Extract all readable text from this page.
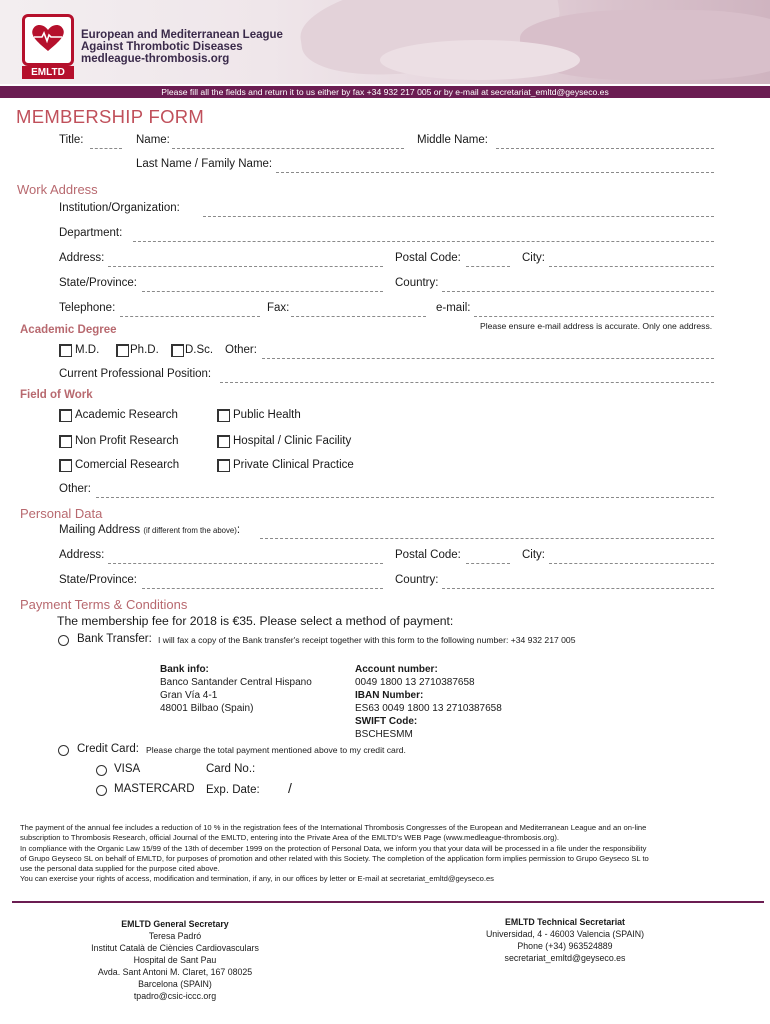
EMLTD
European and Mediterranean League
Against Thrombotic Diseases
medleague-thrombosis.org
Please fill all the fields and return it to us either by fax +34 932 217 005 or by e-mail at secretariat_emltd@geyseco.es
MEMBERSHIP FORM
Title:	Name:	Middle Name:
Last Name / Family Name:
Work Address
Institution/Organization:
Department:
Address:	Postal Code:	City:
State/Province:	Country:
Telephone:	Fax:	e-mail:
Please ensure e-mail address is accurate. Only one address.
Academic Degree
M.D.	Ph.D. D.Sc. Other:
Current Professional Position:
Field of Work
Academic Research
Non Profit Research
Comercial Research
Public Health
Hospital / Clinic Facility
Private Clinical Practice
Other:
Personal Data
Mailing Address (if different from the above):
Address:	Postal Code:	City:
State/Province:	Country:
Payment Terms & Conditions
The membership fee for 2018 is €35. Please select a method of payment:
Bank Transfer: I will fax a copy of the Bank transfer's receipt together with this form to the following number: +34 932 217 005
Bank info:
Banco Santander Central Hispano
Gran Vía 4-1
48001 Bilbao (Spain)
Account number:
0049 1800 13 2710387658
IBAN Number:
ES63 0049 1800 13 2710387658
SWIFT Code:
BSCHESMM
Credit Card: Please charge the total payment mentioned above to my credit card.
VISA
MASTERCARD
Card No.:
Exp. Date: /
The payment of the annual fee includes a reduction of 10 % in the registration fees of the International Thrombosis Congresses of the European and Mediterranean League and an on-line
subscription to Thrombosis Research, official Journal of the EMLTD, entering into the Private Area of the EMLTD's WEB Page (www.medleague-thrombosis.org).
In compliance with the Organic Law 15/99 of the 13th of december 1999 on the protection of Personal Data, we inform you that your data will be processed in a file under the responsibility
of Grupo Geyseco SL on behalf of EMLTD, for purposes of promotion and other related with this Society. The completion of the application form implies permission to Grupo Geyseco SL to
use the personal data supplied for the purpose cited above.
You can exercise your rights of access, modification and termination, if any, in our offices by letter or E-mail at secretariat_emltd@geyseco.es
EMLTD General Secretary
Teresa Padró
Institut Català de Ciències Cardiovasculars
Hospital de Sant Pau
Avda. Sant Antoni M. Claret, 167 08025
Barcelona (SPAIN)
tpadro@csic-iccc.org
EMLTD Technical Secretariat
Universidad, 4 - 46003 Valencia (SPAIN)
Phone (+34) 963524889
secretariat_emltd@geyseco.es
